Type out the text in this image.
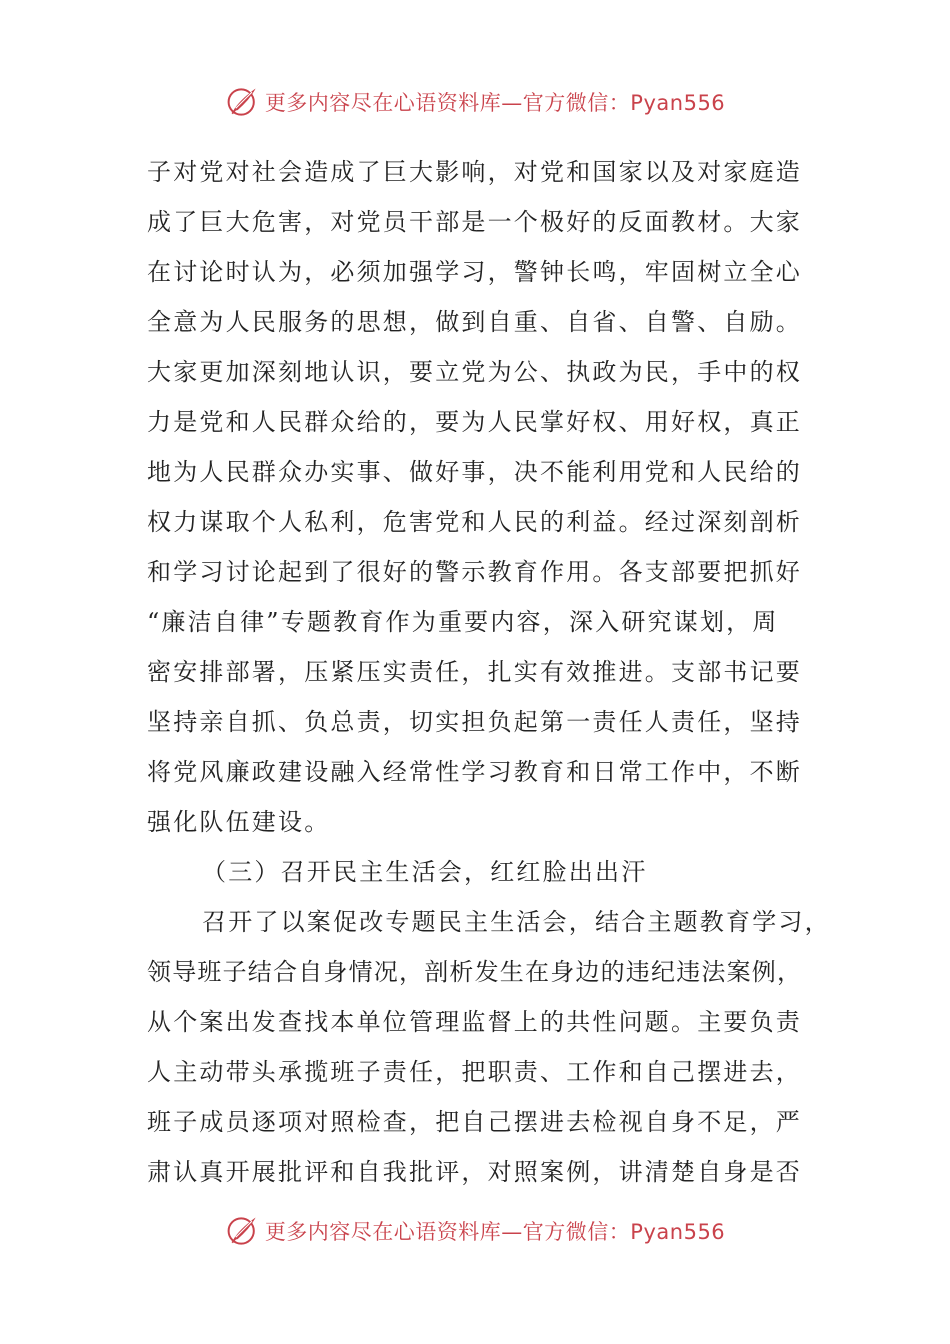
更多内容尽在心语资料库—官方微信：Pyan556
子对党对社会造成了巨大影响，对党和国家以及对家庭造
成了巨大危害，对党员干部是一个极好的反面教材。大家
在讨论时认为，必须加强学习，警钟长鸣，牢固树立全心
全意为人民服务的思想，做到自重、自省、自警、自励。
大家更加深刻地认识，要立党为公、执政为民，手中的权
力是党和人民群众给的，要为人民掌好权、用好权，真正
地为人民群众办实事、做好事，决不能利用党和人民给的
权力谋取个人私利，危害党和人民的利益。经过深刻剖析
和学习讨论起到了很好的警示教育作用。各支部要把抓好
“廉洁自律”专题教育作为重要内容，深入研究谋划，周
密安排部署，压紧压实责任，扎实有效推进。支部书记要
坚持亲自抓、负总责，切实担负起第一责任人责任，坚持
将党风廉政建设融入经常性学习教育和日常工作中，不断
强化队伍建设。
（三）召开民主生活会，红红脸出出汗
召开了以案促改专题民主生活会，结合主题教育学习，
领导班子结合自身情况，剖析发生在身边的违纪违法案例，
从个案出发查找本单位管理监督上的共性问题。主要负责
人主动带头承揽班子责任，把职责、工作和自己摆进去，
班子成员逐项对照检查，把自己摆进去检视自身不足，严
肃认真开展批评和自我批评，对照案例，讲清楚自身是否
更多内容尽在心语资料库—官方微信：Pyan556
